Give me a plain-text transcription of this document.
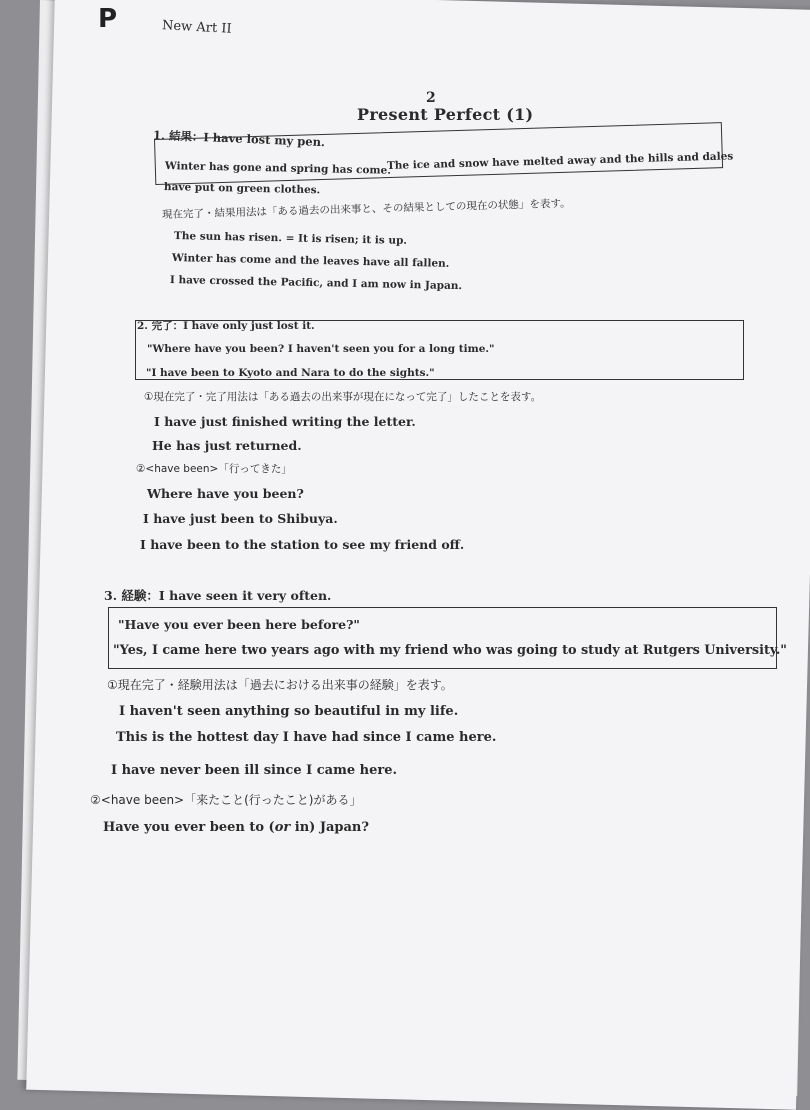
P	New Art II
2
Present Perfect (1)

1. 結果：I have lost my pen.
Winter has gone and spring has come.
The ice and snow have melted away and the hills and dales
have put on green clothes.
現在完了・結果用法は「ある過去の出来事と、その結果としての現在の状態」を表す。
The sun has risen. = It is risen; it is up.
Winter has come and the leaves have all fallen.
I have crossed the Pacific, and I am now in Japan.
2. 完了：I have only just lost it.
"Where have you been? I haven't seen you for a long time."
"I have been to Kyoto and Nara to do the sights."
①現在完了・完了用法は「ある過去の出来事が現在になって完了」したことを表す。
I have just finished writing the letter.
He has just returned.
②<have been>「行ってきた」
Where have you been?
I have just been to Shibuya.
I have been to the station to see my friend off.
3. 経験：I have seen it very often.
"Have you ever been here before?"
"Yes, I came here two years ago with my friend who was going to study at Rutgers University."
①現在完了・経験用法は「過去における出来事の経験」を表す。
I haven't seen anything so beautiful in my life.
This is the hottest day I have had since I came here.
I have never been ill since I came here.
②<have been>「来たこと(行ったこと)がある」
Have you ever been to (or in) Japan?
